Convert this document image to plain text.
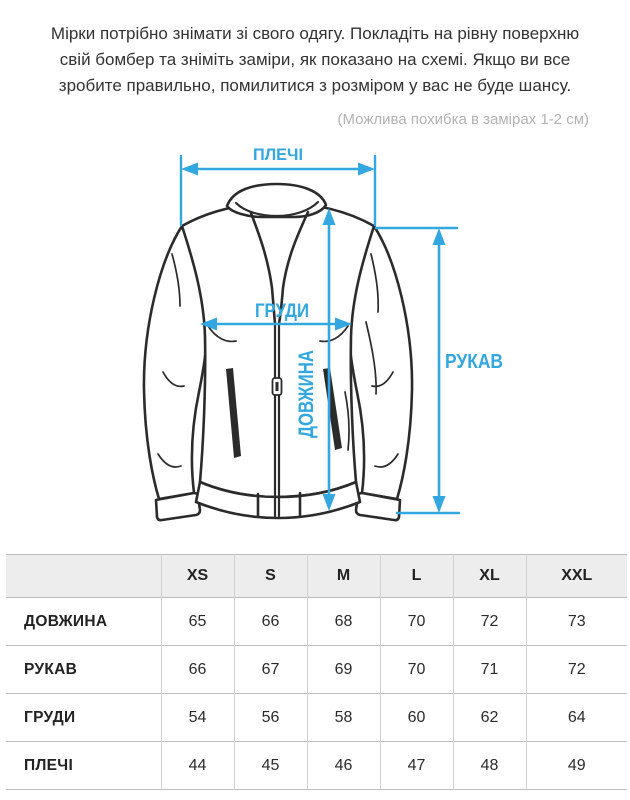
Мірки потрібно знімати зі свого одягу. Покладіть на рівну поверхню
свій бомбер та зніміть заміри, як показано на схемі. Якщо ви все
зробите правильно, помилитися з розміром у вас не буде шансу.
(Можлива похибка в замірах 1-2 см)
ПЛЕЧІ
ГРУДИ
ДОВЖИНА	РУКАВ
	XS	S	M	L	XL	XXL
ДОВЖИНА	65	66	68	70	72	73
РУКАВ	66	67	69	70	71	72
ГРУДИ	54	56	58	60	62	64
ПЛЕЧІ	44	45	46	47	48	49
